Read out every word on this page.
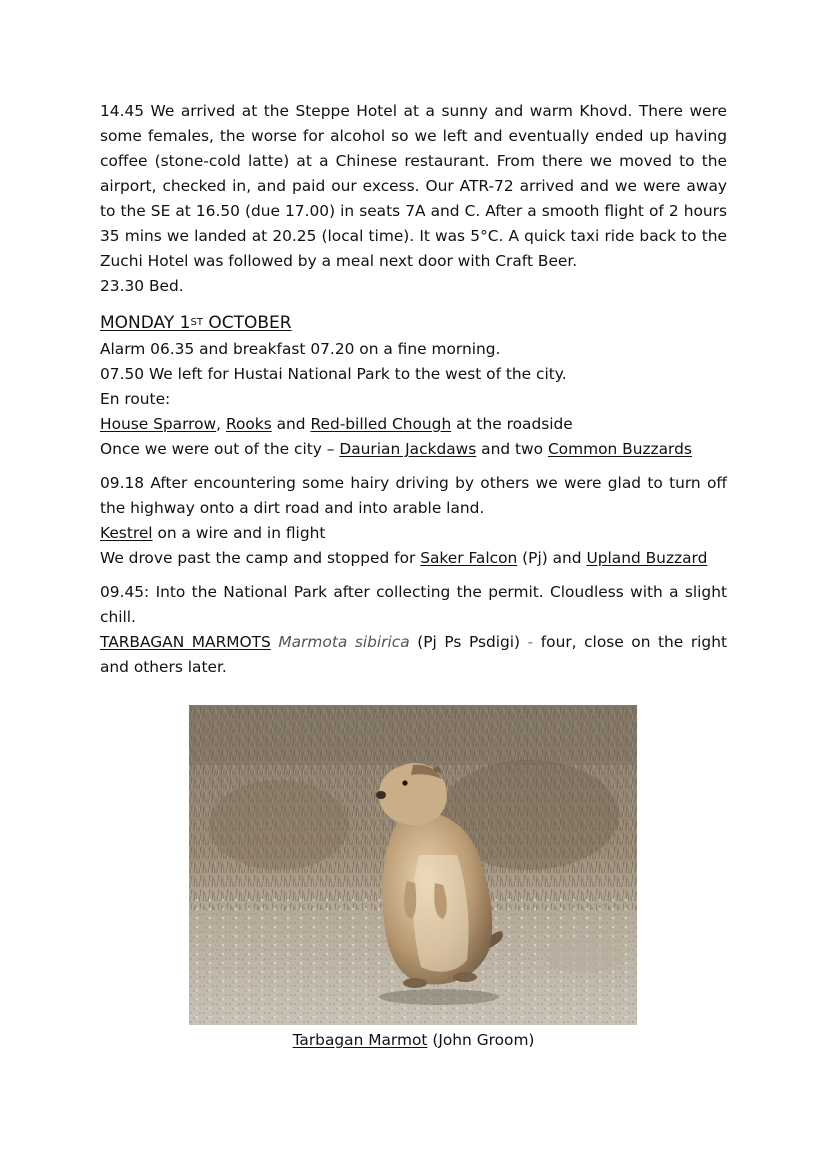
14.45 We arrived at the Steppe Hotel at a sunny and warm Khovd. There were some females, the worse for alcohol so we left and eventually ended up having coffee (stone-cold latte) at a Chinese restaurant. From there we moved to the airport, checked in, and paid our excess. Our ATR-72 arrived and we were away to the SE at 16.50 (due 17.00) in seats 7A and C. After a smooth flight of 2 hours 35 mins we landed at 20.25 (local time). It was 5°C. A quick taxi ride back to the Zuchi Hotel was followed by a meal next door with Craft Beer.

23.30 Bed.

MONDAY 1ST OCTOBER

Alarm 06.35 and breakfast 07.20 on a fine morning.

07.50 We left for Hustai National Park to the west of the city.

En route:

House Sparrow, Rooks and Red-billed Chough at the roadside

Once we were out of the city – Daurian Jackdaws and two Common Buzzards

09.18 After encountering some hairy driving by others we were glad to turn off the highway onto a dirt road and into arable land.

Kestrel on a wire and in flight

We drove past the camp and stopped for Saker Falcon (Pj) and Upland Buzzard

09.45: Into the National Park after collecting the permit. Cloudless with a slight chill.

TARBAGAN MARMOTS Marmota sibirica (Pj Ps Psdigi) - four, close on the right and others later.

Tarbagan Marmot (John Groom)
